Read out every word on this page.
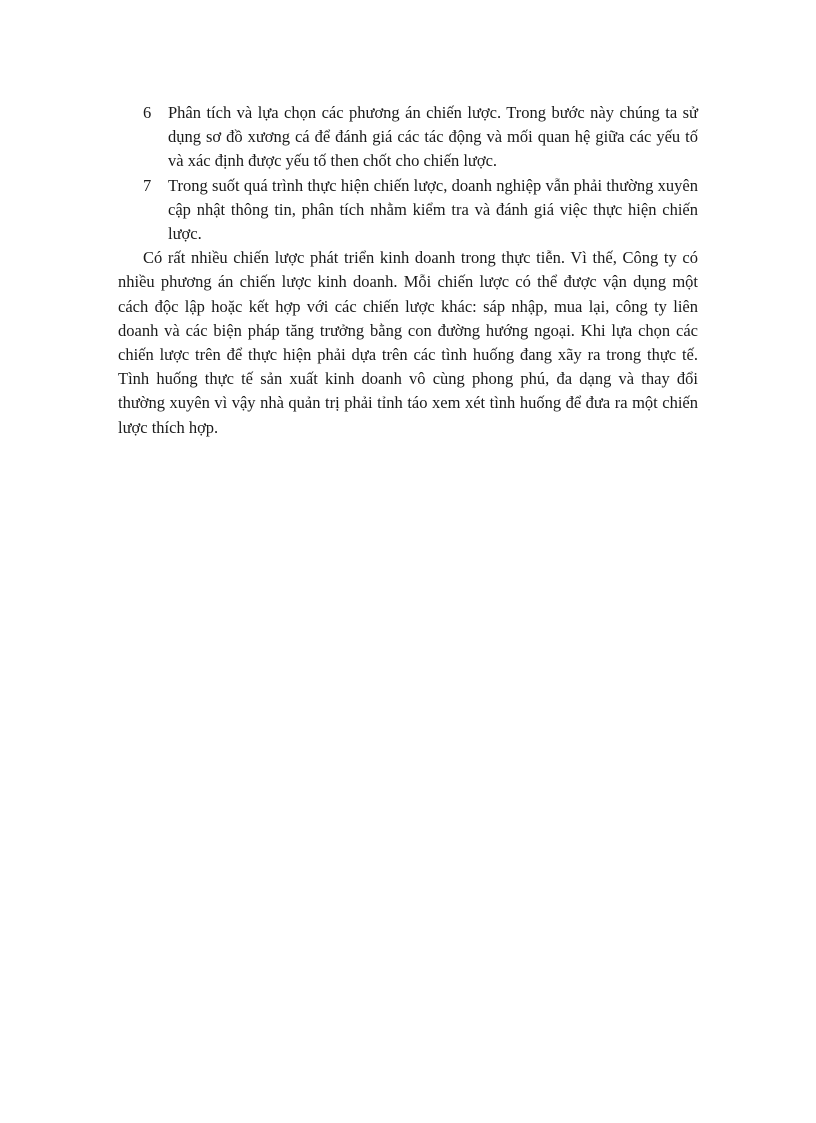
6	Phân tích và lựa chọn các phương án chiến lược. Trong bước này chúng ta sử dụng sơ đồ xương cá để đánh giá các tác động và mối quan hệ giữa các yếu tố và xác định được yếu tố then chốt cho chiến lược.
7	Trong suốt quá trình thực hiện chiến lược, doanh nghiệp vẫn phải thường xuyên cập nhật thông tin, phân tích nhằm kiểm tra và đánh giá việc thực hiện chiến lược.

Có rất nhiều chiến lược phát triển kinh doanh trong thực tiễn. Vì thế, Công ty có nhiều phương án chiến lược kinh doanh. Mỗi chiến lược có thể được vận dụng một cách độc lập hoặc kết hợp với các chiến lược khác: sáp nhập, mua lại, công ty liên doanh và các biện pháp tăng trưởng bằng con đường hướng ngoại. Khi lựa chọn các chiến lược trên để thực hiện phải dựa trên các tình huống đang xãy ra trong thực tế. Tình huống thực tế sản xuất kinh doanh vô cùng phong phú, đa dạng và thay đổi thường xuyên vì vậy nhà quản trị phải tỉnh táo xem xét tình huống để đưa ra một chiến lược thích hợp.
